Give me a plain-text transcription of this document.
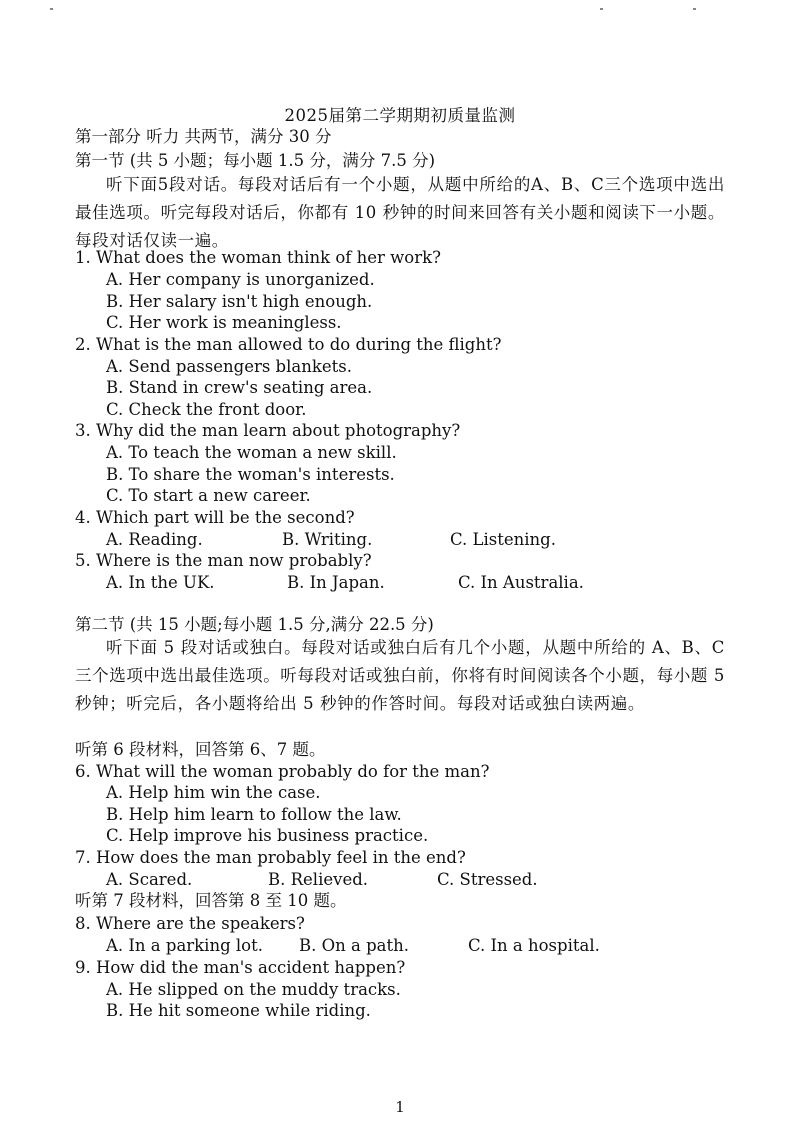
2025届第二学期期初质量监测
第一部分 听力 共两节，满分 30 分
第一节 (共 5 小题；每小题 1.5 分，满分 7.5 分)
听下面5段对话。每段对话后有一个小题，从题中所给的A、B、C三个选项中选出最佳选项。听完每段对话后，你都有 10 秒钟的时间来回答有关小题和阅读下一小题。每段对话仅读一遍。
1. What does the woman think of her work?
A. Her company is unorganized.
B. Her salary isn't high enough.
C. Her work is meaningless.
2. What is the man allowed to do during the flight?
A. Send passengers blankets.
B. Stand in crew's seating area.
C. Check the front door.
3. Why did the man learn about photography?
A. To teach the woman a new skill.
B. To share the woman's interests.
C. To start a new career.
4. Which part will be the second?
A. Reading.	B. Writing.	C. Listening.
5. Where is the man now probably?
A. In the UK.	B. In Japan.	C. In Australia.
第二节 (共 15 小题;每小题 1.5 分,满分 22.5 分)
听下面 5 段对话或独白。每段对话或独白后有几个小题，从题中所给的 A、B、C 三个选项中选出最佳选项。听每段对话或独白前，你将有时间阅读各个小题，每小题 5 秒钟；听完后，各小题将给出 5 秒钟的作答时间。每段对话或独白读两遍。
听第 6 段材料，回答第 6、7 题。
6. What will the woman probably do for the man?
A. Help him win the case.
B. Help him learn to follow the law.
C. Help improve his business practice.
7. How does the man probably feel in the end?
A. Scared.	B. Relieved.	C. Stressed.
听第 7 段材料，回答第 8 至 10 题。
8. Where are the speakers?
A. In a parking lot. B. On a path.	C. In a hospital.
9. How did the man's accident happen?
A. He slipped on the muddy tracks.
B. He hit someone while riding.
1
